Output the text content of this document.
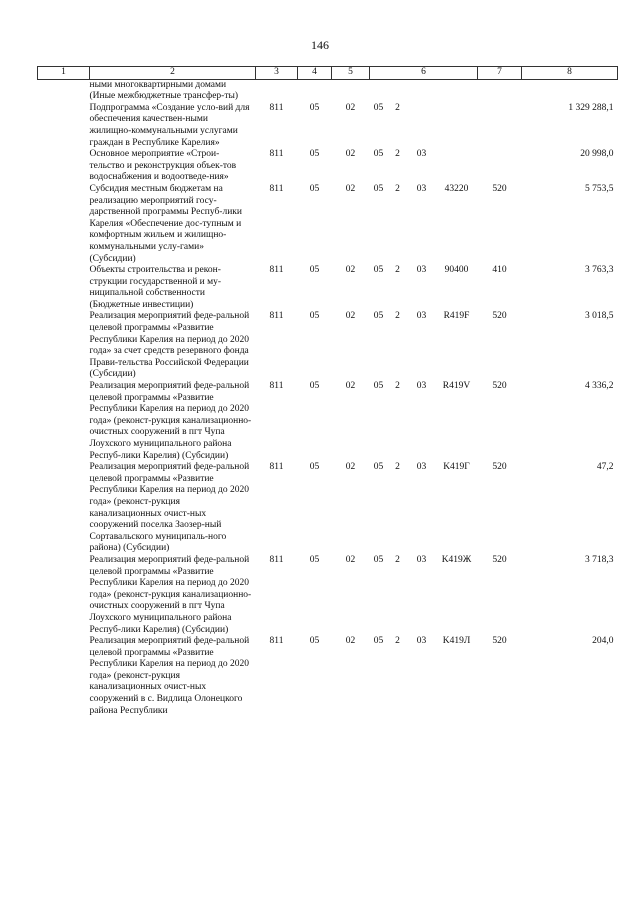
146
1	2	3	4	5	6				7	8
	ными многоквартирными домами (Иные межбюджетные трансфер-ты)									
	Подпрограмма «Создание усло-вий для обеспечения качествен-ными жилищно-коммунальными услугами граждан в Республике Карелия»	811	05	02	05	2				1 329 288,1
	Основное мероприятие «Строи-тельство и реконструкция объек-тов водоснабжения и водоотведе-ния»	811	05	02	05	2	03			20 998,0
	Субсидия местным бюджетам на реализацию мероприятий госу-дарственной программы Респуб-лики Карелия «Обеспечение дос-тупным и комфортным жильем и жилищно-коммунальными услу-гами» (Субсидии)	811	05	02	05	2	03	43220	520	5 753,5
	Объекты строительства и рекон-струкции государственной и му-ниципальной собственности (Бюджетные инвестиции)	811	05	02	05	2	03	90400	410	3 763,3
	Реализация мероприятий феде-ральной целевой программы «Развитие Республики Карелия на период до 2020 года» за счет средств резервного фонда Прави-тельства Российской Федерации (Субсидии)	811	05	02	05	2	03	R419F	520	3 018,5
	Реализация мероприятий феде-ральной целевой программы «Развитие Республики Карелия на период до 2020 года» (реконст-рукция канализационно-очистных сооружений в пгт Чупа Лоухского муниципального района Респуб-лики Карелия) (Субсидии)	811	05	02	05	2	03	R419V	520	4 336,2
	Реализация мероприятий феде-ральной целевой программы «Развитие Республики Карелия на период до 2020 года» (реконст-рукция канализационных очист-ных сооружений поселка Заозер-ный Сортавальского муниципаль-ного района) (Субсидии)	811	05	02	05	2	03	K419Г	520	47,2
	Реализация мероприятий феде-ральной целевой программы «Развитие Республики Карелия на период до 2020 года» (реконст-рукция канализационно-очистных сооружений в пгт Чупа Лоухского муниципального района Респуб-лики Карелия) (Субсидии)	811	05	02	05	2	03	K419Ж	520	3 718,3
	Реализация мероприятий феде-ральной целевой программы «Развитие Республики Карелия на период до 2020 года» (реконст-рукция канализационных очист-ных сооружений в с. Видлица Олонецкого района Республики	811	05	02	05	2	03	K419Л	520	204,0
